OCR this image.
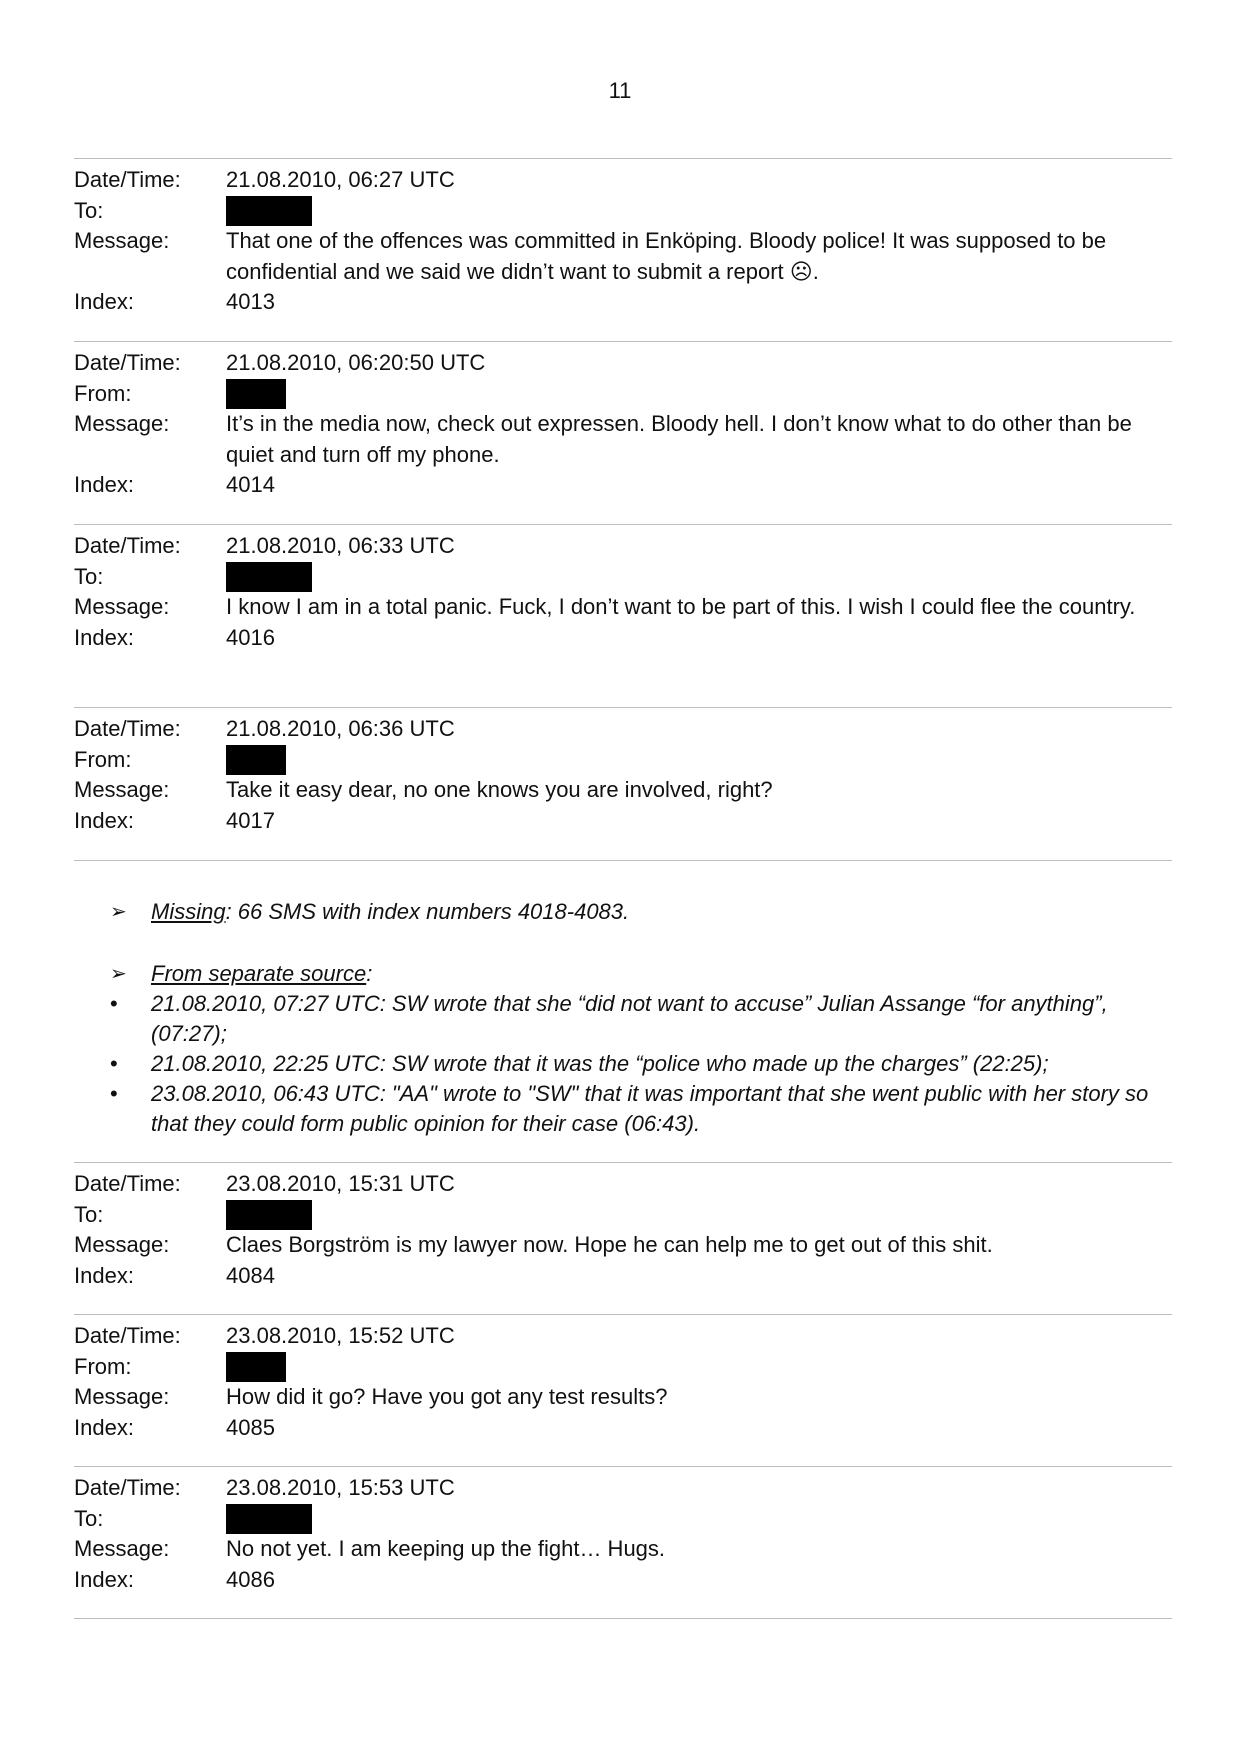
11
Date/Time:	21.08.2010, 06:27 UTC
To:
Message:	That one of the offences was committed in Enköping. Bloody police! It was supposed to be confidential and we said we didn’t want to submit a report ☹.
Index:	4013
Date/Time:	21.08.2010, 06:20:50 UTC
From:
Message:	It’s in the media now, check out expressen. Bloody hell. I don’t know what to do other than be quiet and turn off my phone.
Index:	4014
Date/Time:	21.08.2010, 06:33 UTC
To:
Message:	I know I am in a total panic. Fuck, I don’t want to be part of this. I wish I could flee the country.
Index:	4016
Date/Time:	21.08.2010, 06:36 UTC
From:
Message:	Take it easy dear, no one knows you are involved, right?
Index:	4017
➢	Missing: 66 SMS with index numbers 4018-4083.
➢	From separate source:
•	21.08.2010, 07:27 UTC: SW wrote that she “did not want to accuse” Julian Assange “for anything”, (07:27);
•	21.08.2010, 22:25 UTC: SW wrote that it was the “police who made up the charges” (22:25);
•	23.08.2010, 06:43 UTC: "AA" wrote to "SW" that it was important that she went public with her story so that they could form public opinion for their case (06:43).
Date/Time:	23.08.2010, 15:31 UTC
To:
Message:	Claes Borgström is my lawyer now. Hope he can help me to get out of this shit.
Index:	4084
Date/Time:	23.08.2010, 15:52 UTC
From:
Message:	How did it go? Have you got any test results?
Index:	4085
Date/Time:	23.08.2010, 15:53 UTC
To:
Message:	No not yet. I am keeping up the fight… Hugs.
Index:	4086
